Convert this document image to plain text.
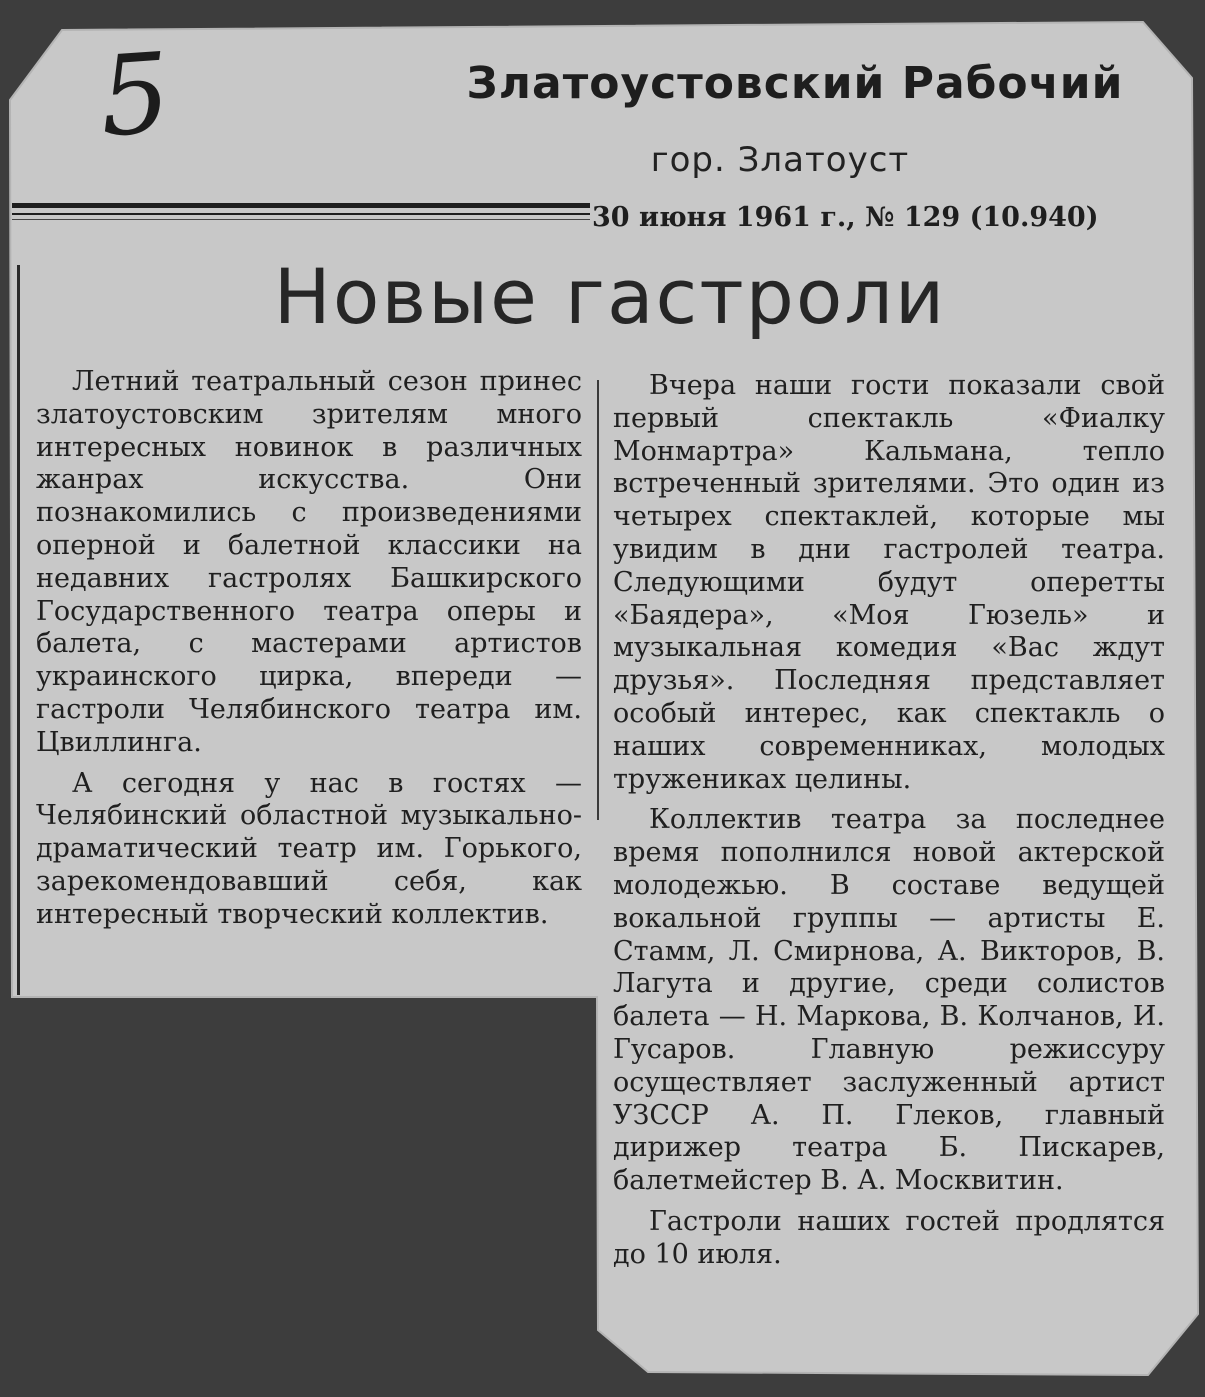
5	Златоустовский Рабочий
гор. Златоуст
30 июня 1961 г., № 129 (10.940)
Новые гастроли

Летний театральный сезон принес златоустовским зрителям много интересных новинок в различных жанрах искусства. Они познакомились с произведениями оперной и балетной классики на недавних гастролях Башкирского Государственного театра оперы и балета, с мастерами артистов украинского цирка, впереди — гастроли Челябинского театра им. Цвиллинга.

А сегодня у нас в гостях — Челябинский областной музыкально-драматический театр им. Горького, зарекомендовавший себя, как интересный творческий коллектив.

Вчера наши гости показали свой первый спектакль «Фиалку Монмартра» Кальмана, тепло встреченный зрителями. Это один из четырех спектаклей, которые мы увидим в дни гастролей театра. Следующими будут оперетты «Баядера», «Моя Гюзель» и музыкальная комедия «Вас ждут друзья». Последняя представляет особый интерес, как спектакль о наших современниках, молодых тружениках целины.

Коллектив театра за последнее время пополнился новой актерской молодежью. В составе ведущей вокальной группы — артисты Е. Стамм, Л. Смирнова, А. Викторов, В. Лагута и другие, среди солистов балета — Н. Маркова, В. Колчанов, И. Гусаров. Главную режиссуру осуществляет заслуженный артист УЗССР А. П. Глеков, главный дирижер театра Б. Пискарев, балетмейстер В. А. Москвитин.

Гастроли наших гостей продлятся до 10 июля.
